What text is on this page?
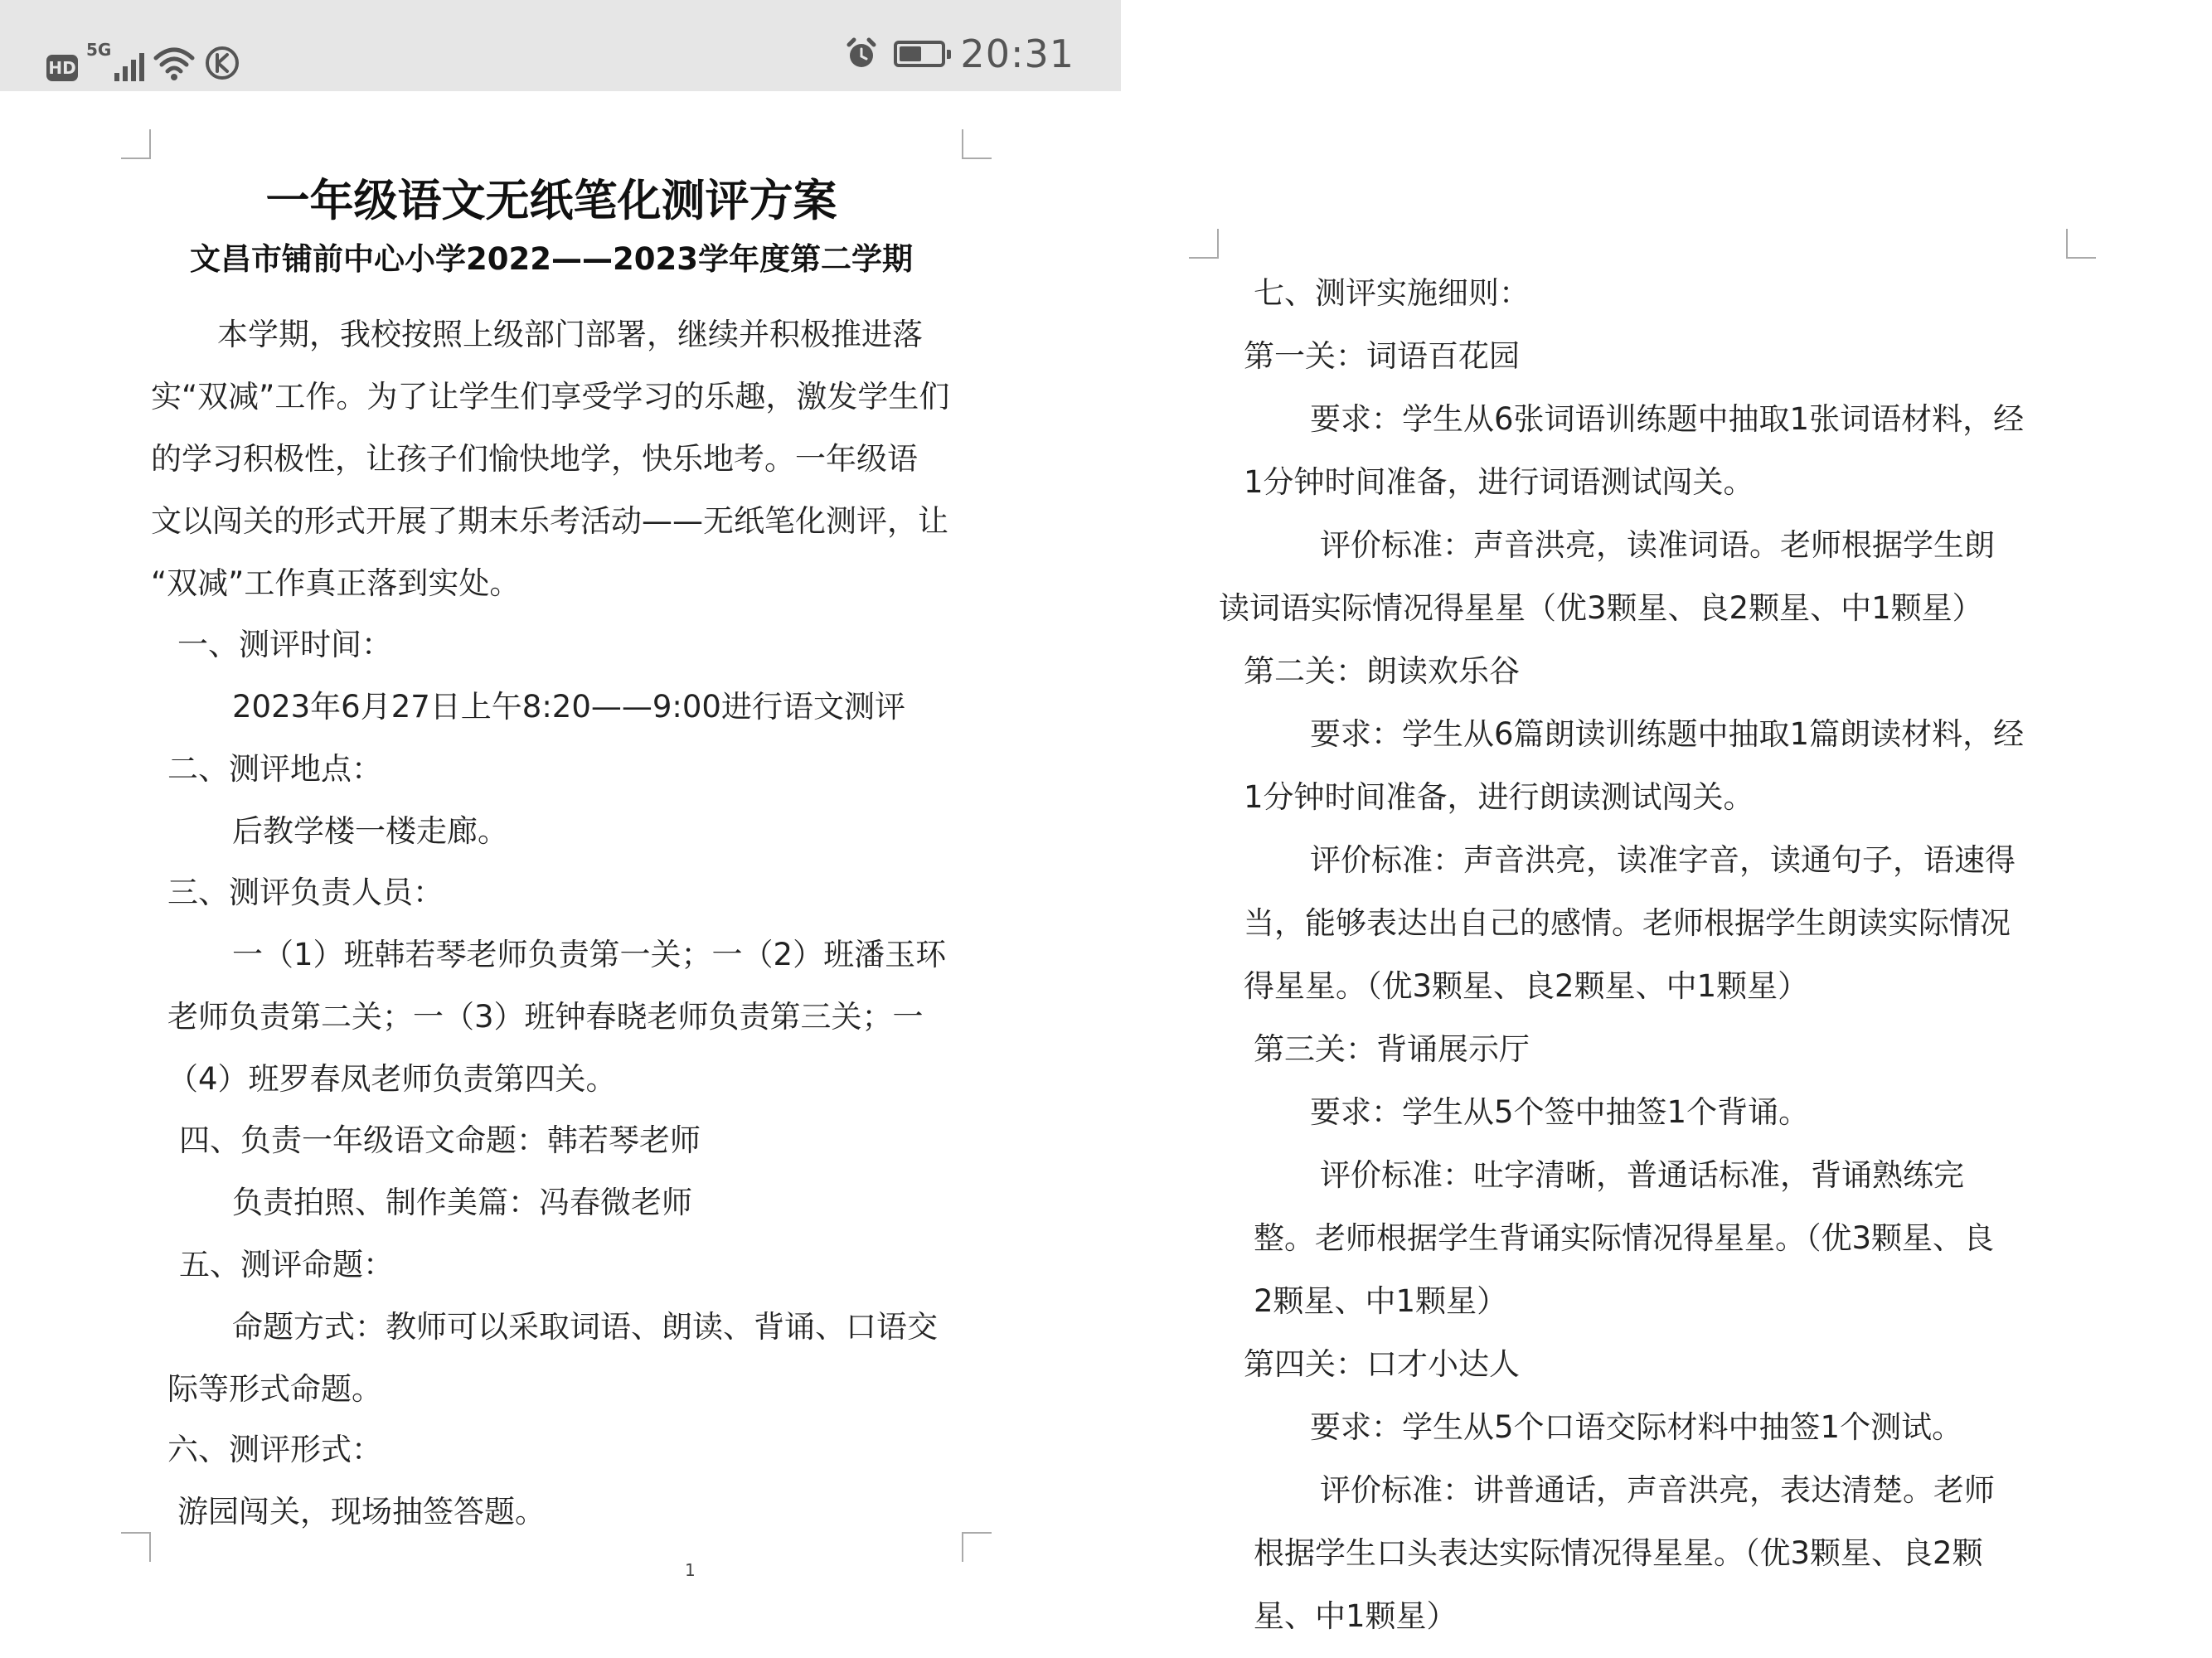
HD
5G	20:31
一年级语文无纸笔化测评方案
文昌市铺前中心小学2022——2023学年度第二学期
本学期，我校按照上级部门部署，继续并积极推进落
实“双减”工作。为了让学生们享受学习的乐趣，激发学生们
的学习积极性，让孩子们愉快地学，快乐地考。一年级语
文以闯关的形式开展了期末乐考活动——无纸笔化测评，让
“双减”工作真正落到实处。
一、测评时间：
2023年6月27日上午8:20——9:00进行语文测评
二、测评地点：
后教学楼一楼走廊。
三、测评负责人员：
一（1）班韩若琴老师负责第一关；一（2）班潘玉环
老师负责第二关；一（3）班钟春晓老师负责第三关；一
（4）班罗春凤老师负责第四关。
四、负责一年级语文命题：韩若琴老师
负责拍照、制作美篇：冯春微老师
五、测评命题：
命题方式：教师可以采取词语、朗读、背诵、口语交
际等形式命题。
六、测评形式：
游园闯关，现场抽签答题。
1
七、测评实施细则：
第一关：词语百花园
要求：学生从6张词语训练题中抽取1张词语材料，经
1分钟时间准备，进行词语测试闯关。
评价标准：声音洪亮，读准词语。老师根据学生朗
读词语实际情况得星星（优3颗星、良2颗星、中1颗星）
第二关：朗读欢乐谷
要求：学生从6篇朗读训练题中抽取1篇朗读材料，经
1分钟时间准备，进行朗读测试闯关。
评价标准：声音洪亮，读准字音，读通句子，语速得
当，能够表达出自己的感情。老师根据学生朗读实际情况
得星星。（优3颗星、良2颗星、中1颗星）
第三关：背诵展示厅
要求：学生从5个签中抽签1个背诵。
评价标准：吐字清晰，普通话标准，背诵熟练完
整。老师根据学生背诵实际情况得星星。（优3颗星、良
2颗星、中1颗星）
第四关：口才小达人
要求：学生从5个口语交际材料中抽签1个测试。
评价标准：讲普通话，声音洪亮，表达清楚。老师
根据学生口头表达实际情况得星星。（优3颗星、良2颗
星、中1颗星）
